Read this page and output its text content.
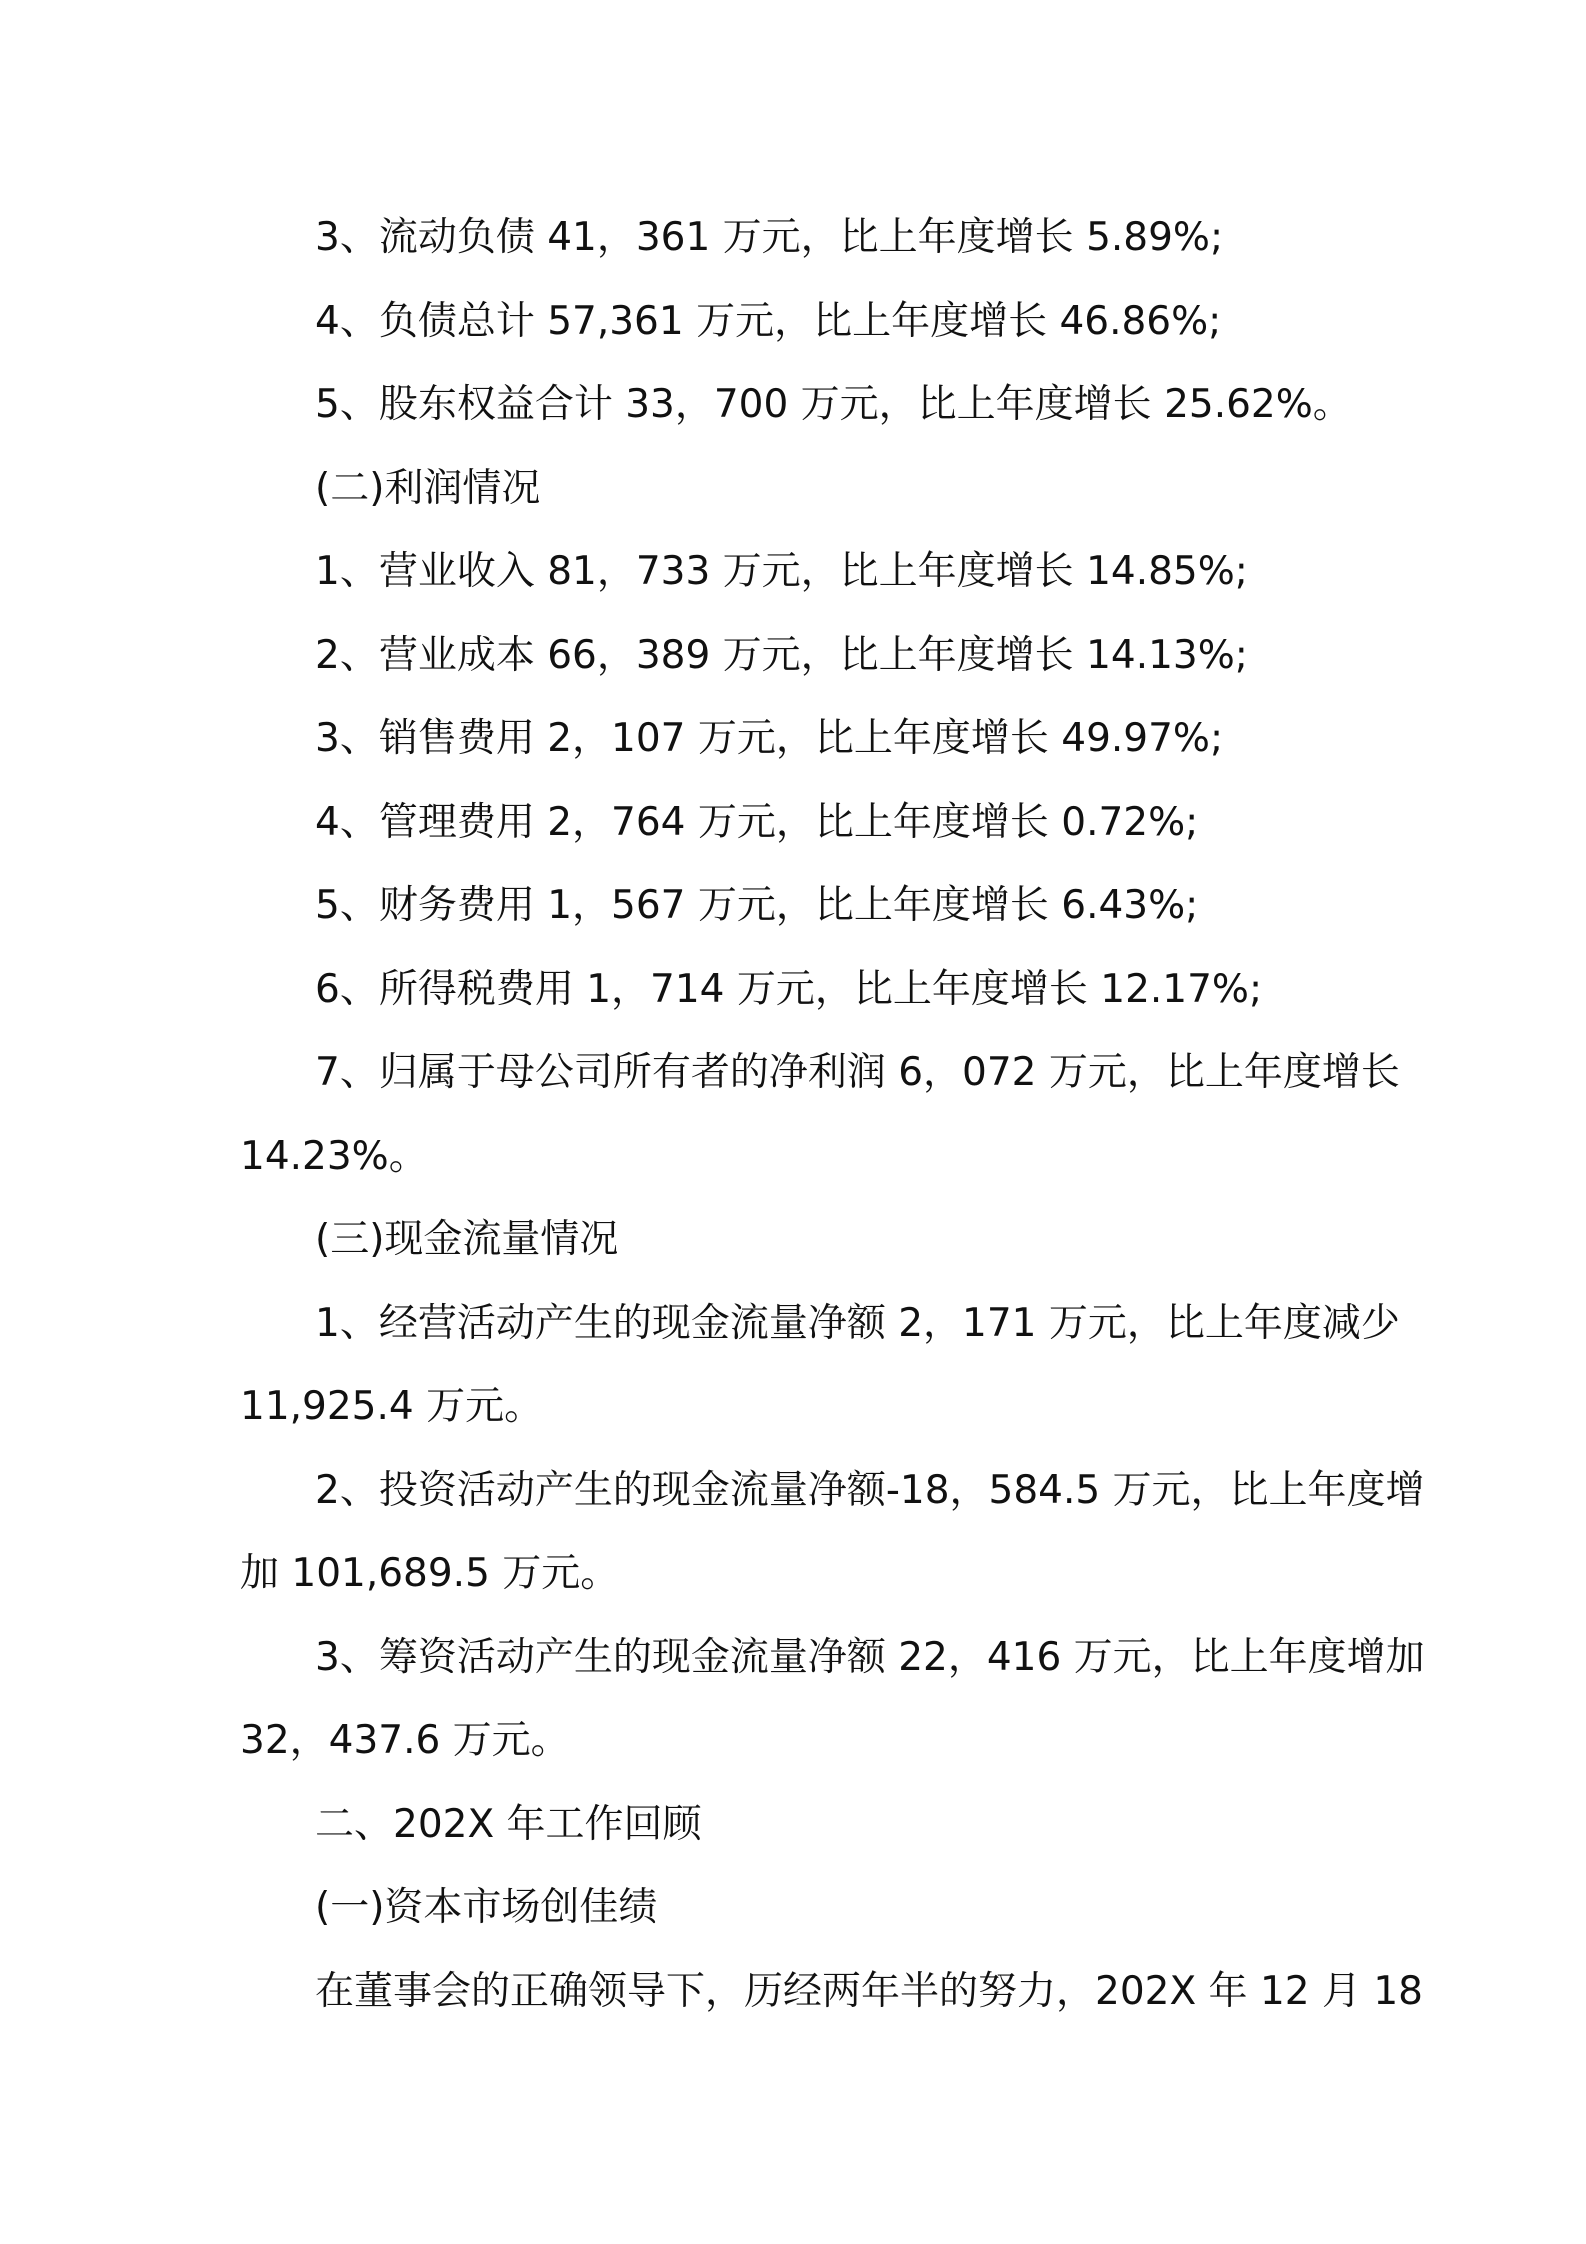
3、流动负债 41，361 万元，比上年度增长 5.89%;

4、负债总计 57,361 万元，比上年度增长 46.86%;

5、股东权益合计 33，700 万元，比上年度增长 25.62%。

(二)利润情况

1、营业收入 81，733 万元，比上年度增长 14.85%;

2、营业成本 66，389 万元，比上年度增长 14.13%;

3、销售费用 2，107 万元，比上年度增长 49.97%;

4、管理费用 2，764 万元，比上年度增长 0.72%;

5、财务费用 1，567 万元，比上年度增长 6.43%;

6、所得税费用 1，714 万元，比上年度增长 12.17%;

7、归属于母公司所有者的净利润 6，072 万元，比上年度增长

14.23%。

(三)现金流量情况

1、经营活动产生的现金流量净额 2，171 万元，比上年度减少

11,925.4 万元。

2、投资活动产生的现金流量净额-18，584.5 万元，比上年度增

加 101,689.5 万元。

3、筹资活动产生的现金流量净额 22，416 万元，比上年度增加

32，437.6 万元。

二、202X 年工作回顾

(一)资本市场创佳绩

在董事会的正确领导下，历经两年半的努力，202X 年 12 月 18
